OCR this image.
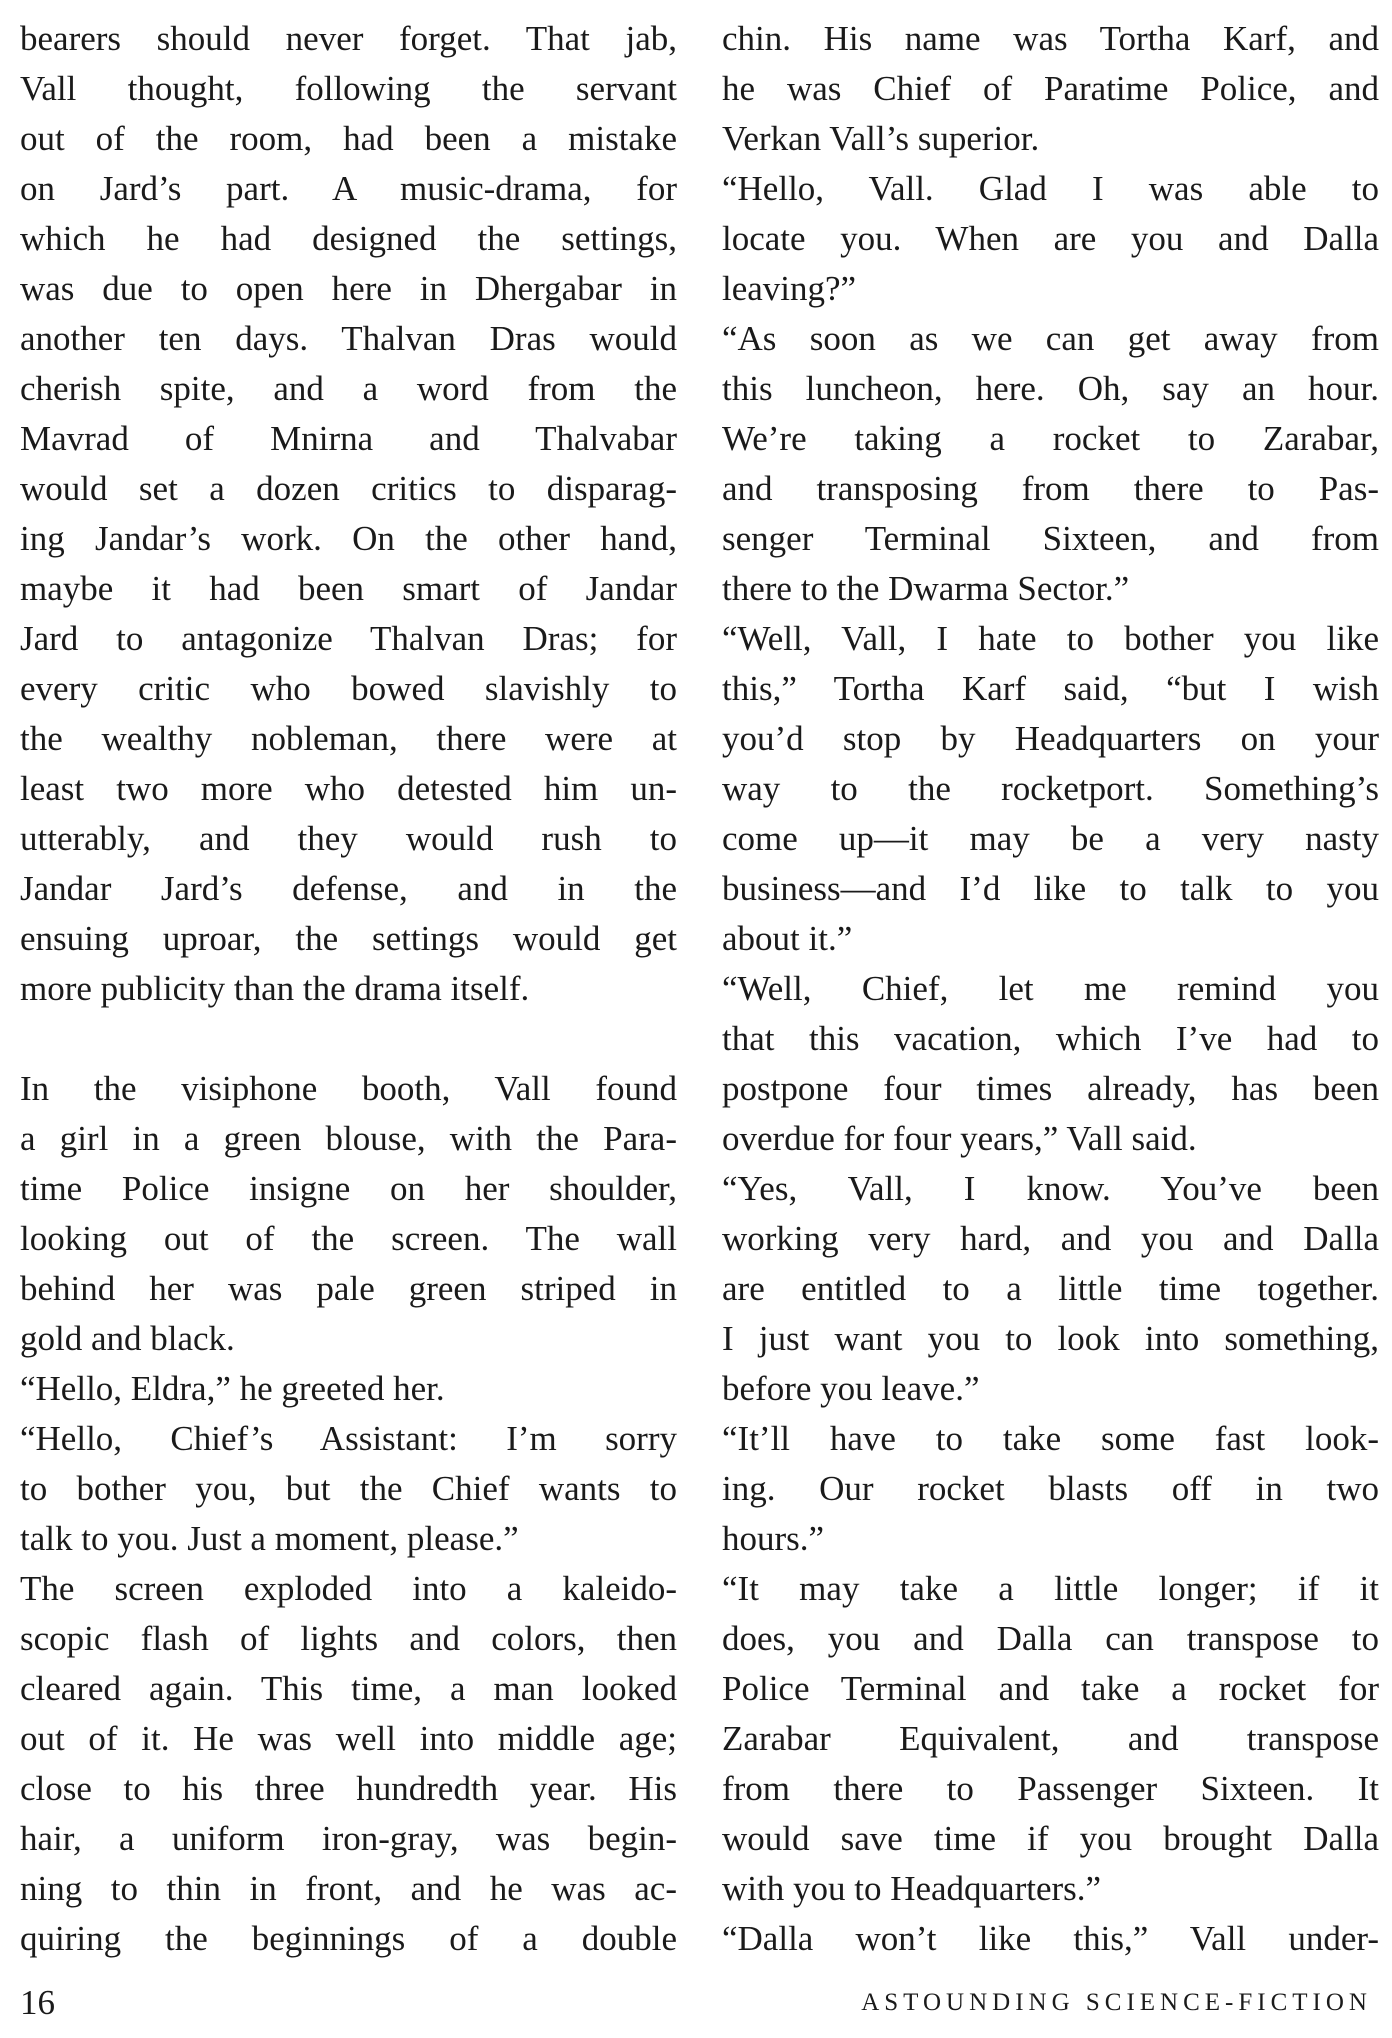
bearers should never forget. That jab,
Vall thought, following the servant
out of the room, had been a mistake
on Jard’s part. A music-drama, for
which he had designed the settings,
was due to open here in Dhergabar in
another ten days. Thalvan Dras would
cherish spite, and a word from the
Mavrad of Mnirna and Thalvabar
would set a dozen critics to disparag-
ing Jandar’s work. On the other hand,
maybe it had been smart of Jandar
Jard to antagonize Thalvan Dras; for
every critic who bowed slavishly to
the wealthy nobleman, there were at
least two more who detested him un-
utterably, and they would rush to
Jandar Jard’s defense, and in the
ensuing uproar, the settings would get
more publicity than the drama itself.
In the visiphone booth, Vall found
a girl in a green blouse, with the Para-
time Police insigne on her shoulder,
looking out of the screen. The wall
behind her was pale green striped in
gold and black.
“Hello, Eldra,” he greeted her.
“Hello, Chief’s Assistant: I’m sorry
to bother you, but the Chief wants to
talk to you. Just a moment, please.”
The screen exploded into a kaleido-
scopic flash of lights and colors, then
cleared again. This time, a man looked
out of it. He was well into middle age;
close to his three hundredth year. His
hair, a uniform iron-gray, was begin-
ning to thin in front, and he was ac-
quiring the beginnings of a double
chin. His name was Tortha Karf, and
he was Chief of Paratime Police, and
Verkan Vall’s superior.
“Hello, Vall. Glad I was able to
locate you. When are you and Dalla
leaving?”
“As soon as we can get away from
this luncheon, here. Oh, say an hour.
We’re taking a rocket to Zarabar,
and transposing from there to Pas-
senger Terminal Sixteen, and from
there to the Dwarma Sector.”
“Well, Vall, I hate to bother you like
this,” Tortha Karf said, “but I wish
you’d stop by Headquarters on your
way to the rocketport. Something’s
come up—it may be a very nasty
business—and I’d like to talk to you
about it.”
“Well, Chief, let me remind you
that this vacation, which I’ve had to
postpone four times already, has been
overdue for four years,” Vall said.
“Yes, Vall, I know. You’ve been
working very hard, and you and Dalla
are entitled to a little time together.
I just want you to look into something,
before you leave.”
“It’ll have to take some fast look-
ing. Our rocket blasts off in two
hours.”
“It may take a little longer; if it
does, you and Dalla can transpose to
Police Terminal and take a rocket for
Zarabar Equivalent, and transpose
from there to Passenger Sixteen. It
would save time if you brought Dalla
with you to Headquarters.”
“Dalla won’t like this,” Vall under-
16	ASTOUNDING SCIENCE-FICTION
